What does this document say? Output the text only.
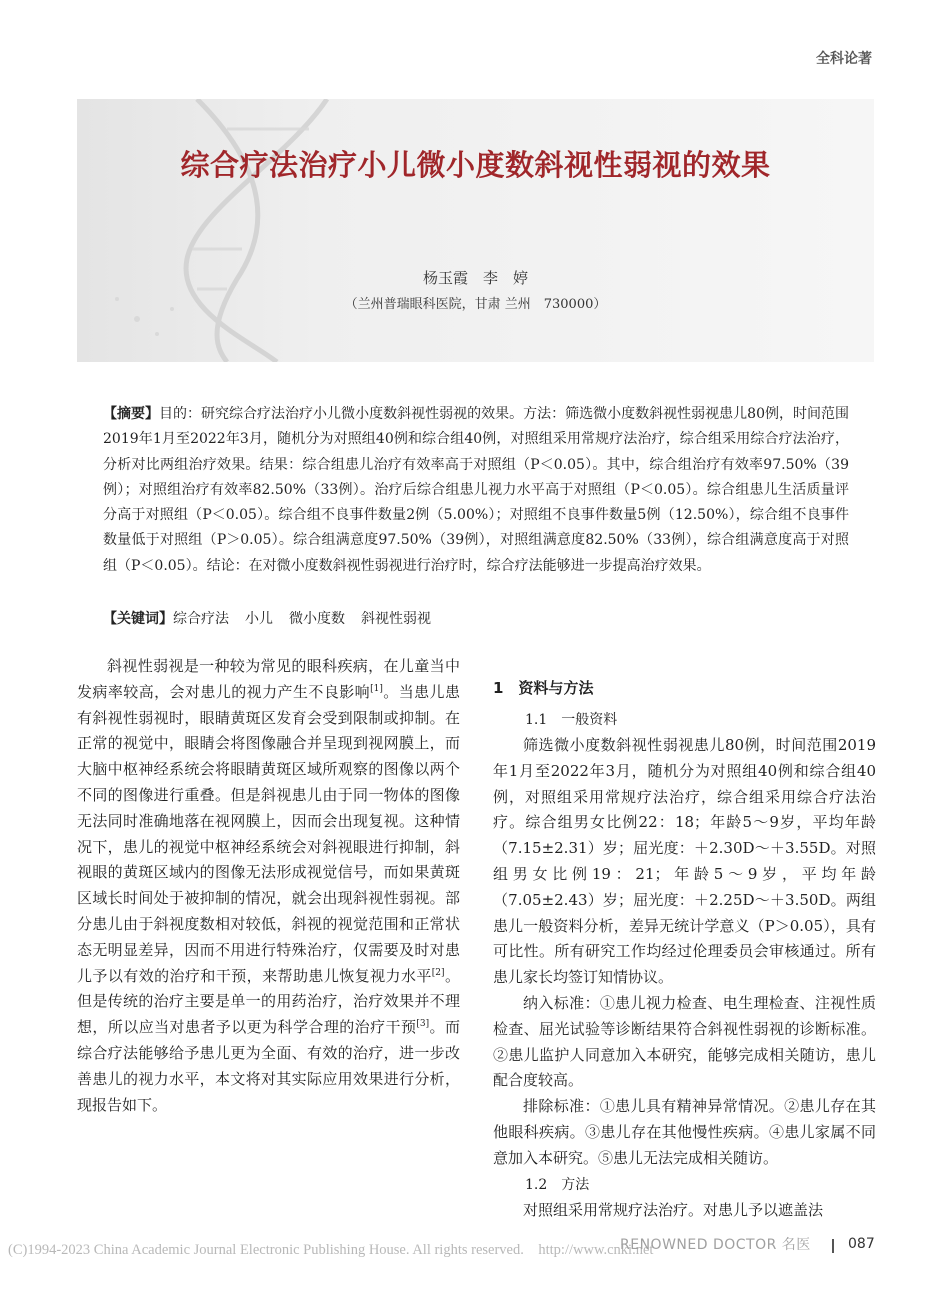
全科论著
综合疗法治疗小儿微小度数斜视性弱视的效果
杨玉霞　李　婷
（兰州普瑞眼科医院，甘肃 兰州　730000）
【摘要】目的：研究综合疗法治疗小儿微小度数斜视性弱视的效果。方法：筛选微小度数斜视性弱视患儿80例，时间范围2019年1月至2022年3月，随机分为对照组40例和综合组40例，对照组采用常规疗法治疗，综合组采用综合疗法治疗，分析对比两组治疗效果。结果：综合组患儿治疗有效率高于对照组（P＜0.05）。其中，综合组治疗有效率97.50%（39例）；对照组治疗有效率82.50%（33例）。治疗后综合组患儿视力水平高于对照组（P＜0.05）。综合组患儿生活质量评分高于对照组（P＜0.05）。综合组不良事件数量2例（5.00%）；对照组不良事件数量5例（12.50%），综合组不良事件数量低于对照组（P＞0.05）。综合组满意度97.50%（39例），对照组满意度82.50%（33例），综合组满意度高于对照组（P＜0.05）。结论：在对微小度数斜视性弱视进行治疗时，综合疗法能够进一步提高治疗效果。
【关键词】综合疗法 小儿 微小度数 斜视性弱视

斜视性弱视是一种较为常见的眼科疾病，在儿童当中发病率较高，会对患儿的视力产生不良影响[1]。当患儿患有斜视性弱视时，眼睛黄斑区发育会受到限制或抑制。在正常的视觉中，眼睛会将图像融合并呈现到视网膜上，而大脑中枢神经系统会将眼睛黄斑区域所观察的图像以两个不同的图像进行重叠。但是斜视患儿由于同一物体的图像无法同时准确地落在视网膜上，因而会出现复视。这种情况下，患儿的视觉中枢神经系统会对斜视眼进行抑制，斜视眼的黄斑区域内的图像无法形成视觉信号，而如果黄斑区域长时间处于被抑制的情况，就会出现斜视性弱视。部分患儿由于斜视度数相对较低，斜视的视觉范围和正常状态无明显差异，因而不用进行特殊治疗，仅需要及时对患儿予以有效的治疗和干预，来帮助患儿恢复视力水平[2]。但是传统的治疗主要是单一的用药治疗，治疗效果并不理想，所以应当对患者予以更为科学合理的治疗干预[3]。而综合疗法能够给予患儿更为全面、有效的治疗，进一步改善患儿的视力水平，本文将对其实际应用效果进行分析，现报告如下。

1　资料与方法
1.1　一般资料

筛选微小度数斜视性弱视患儿80例，时间范围2019年1月至2022年3月，随机分为对照组40例和综合组40例，对照组采用常规疗法治疗，综合组采用综合疗法治疗。综合组男女比例22：18；年龄5～9岁，平均年龄（7.15±2.31）岁；屈光度：＋2.30D～＋3.55D。对照组男女比例19：21；年龄5～9岁，平均年龄（7.05±2.43）岁；屈光度：＋2.25D～＋3.50D。两组患儿一般资料分析，差异无统计学意义（P＞0.05），具有可比性。所有研究工作均经过伦理委员会审核通过。所有患儿家长均签订知情协议。

纳入标准：①患儿视力检查、电生理检查、注视性质检查、屈光试验等诊断结果符合斜视性弱视的诊断标准。②患儿监护人同意加入本研究，能够完成相关随访，患儿配合度较高。

排除标准：①患儿具有精神异常情况。②患儿存在其他眼科疾病。③患儿存在其他慢性疾病。④患儿家属不同意加入本研究。⑤患儿无法完成相关随访。

1.2　方法

对照组采用常规疗法治疗。对患儿予以遮盖法

(C)1994-2023 China Academic Journal Electronic Publishing House. All rights reserved.　http://www.cnki.net
RENOWNED DOCTOR 名医	087
